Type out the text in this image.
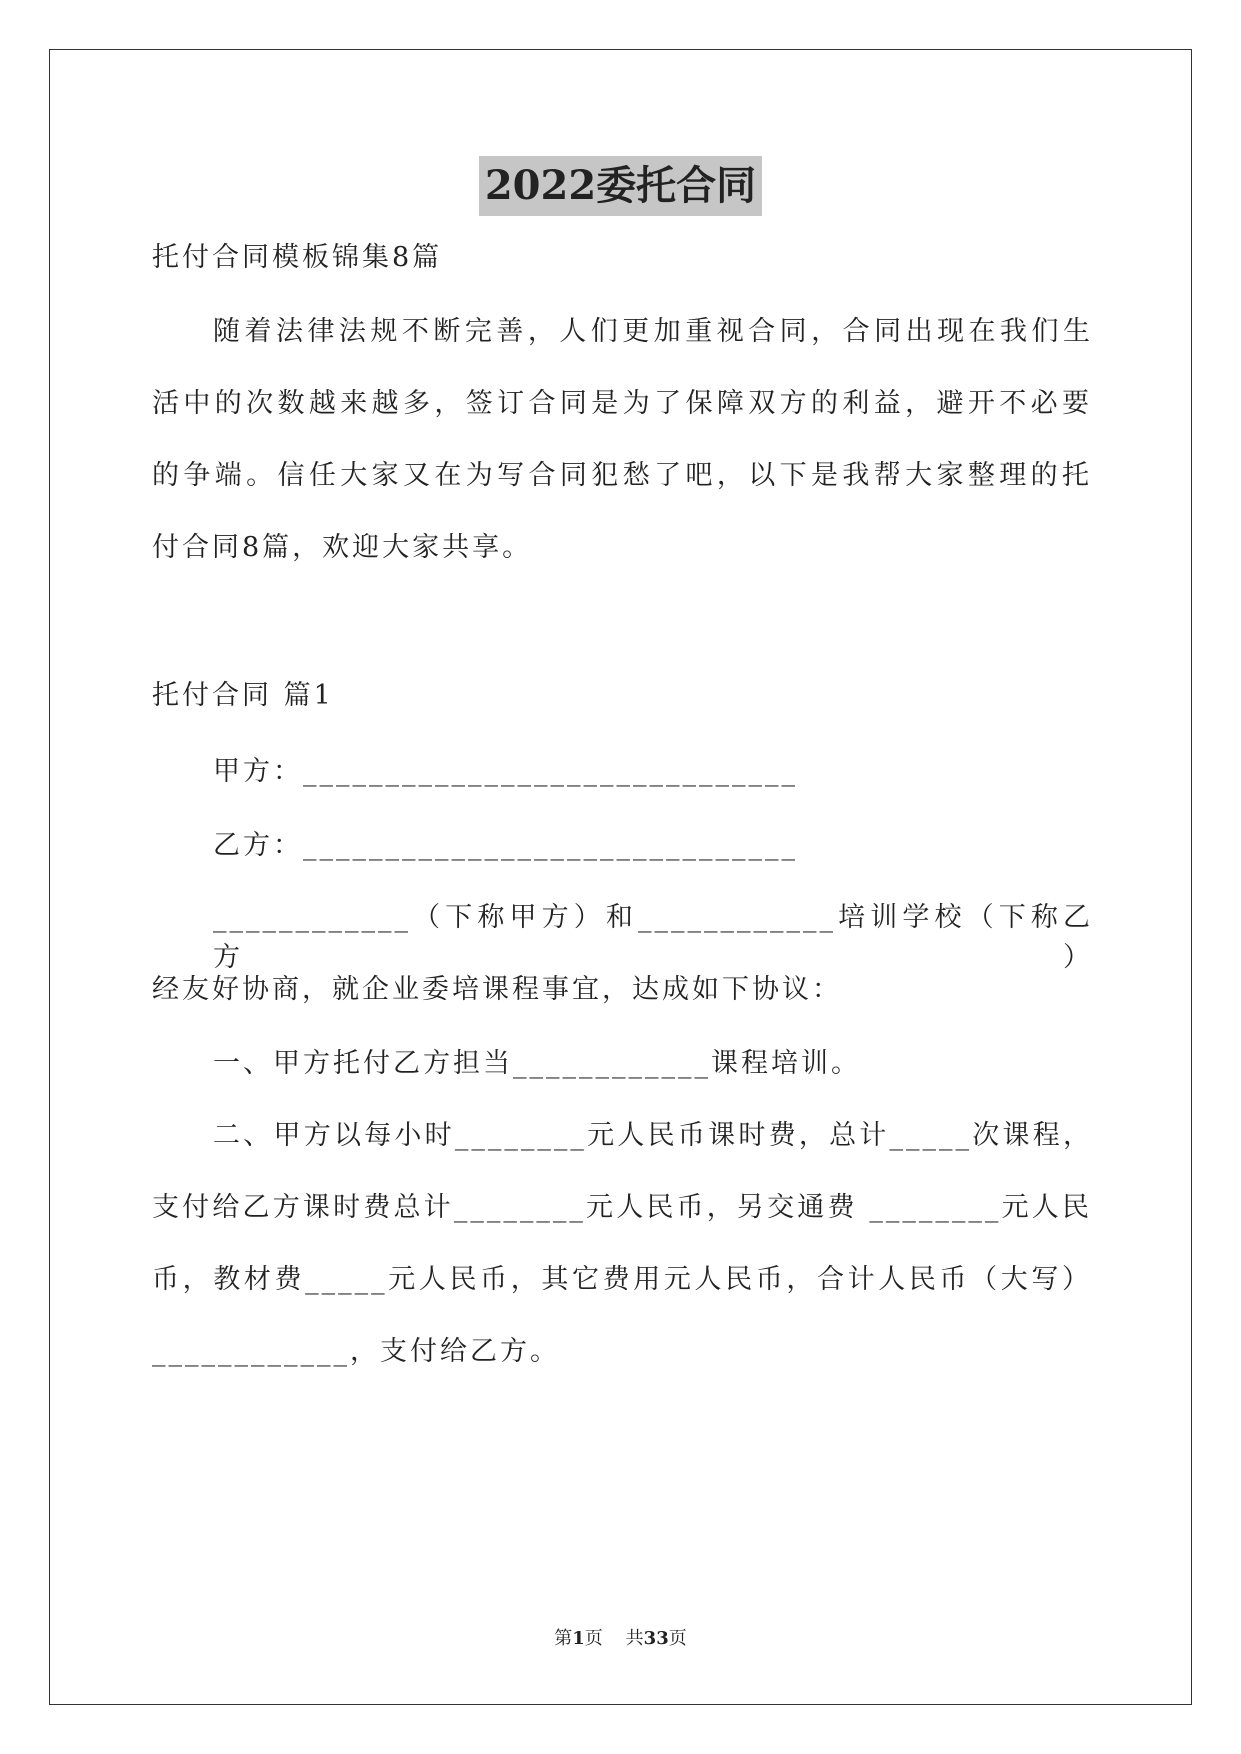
2022委托合同
托付合同模板锦集8篇
随着法律法规不断完善，人们更加重视合同，合同出现在我们生
活中的次数越来越多，签订合同是为了保障双方的利益，避开不必要
的争端。信任大家又在为写合同犯愁了吧，以下是我帮大家整理的托
付合同8篇，欢迎大家共享。
托付合同 篇1
甲方：______________________________
乙方：______________________________
____________（下称甲方）和____________培训学校（下称乙方）
经友好协商，就企业委培课程事宜，达成如下协议：
一、甲方托付乙方担当____________课程培训。
二、甲方以每小时________元人民币课时费，总计_____次课程，
支付给乙方课时费总计________元人民币，另交通费 ________元人民
币，教材费_____元人民币，其它费用元人民币，合计人民币（大写）
____________，支付给乙方。
第1页    共33页
